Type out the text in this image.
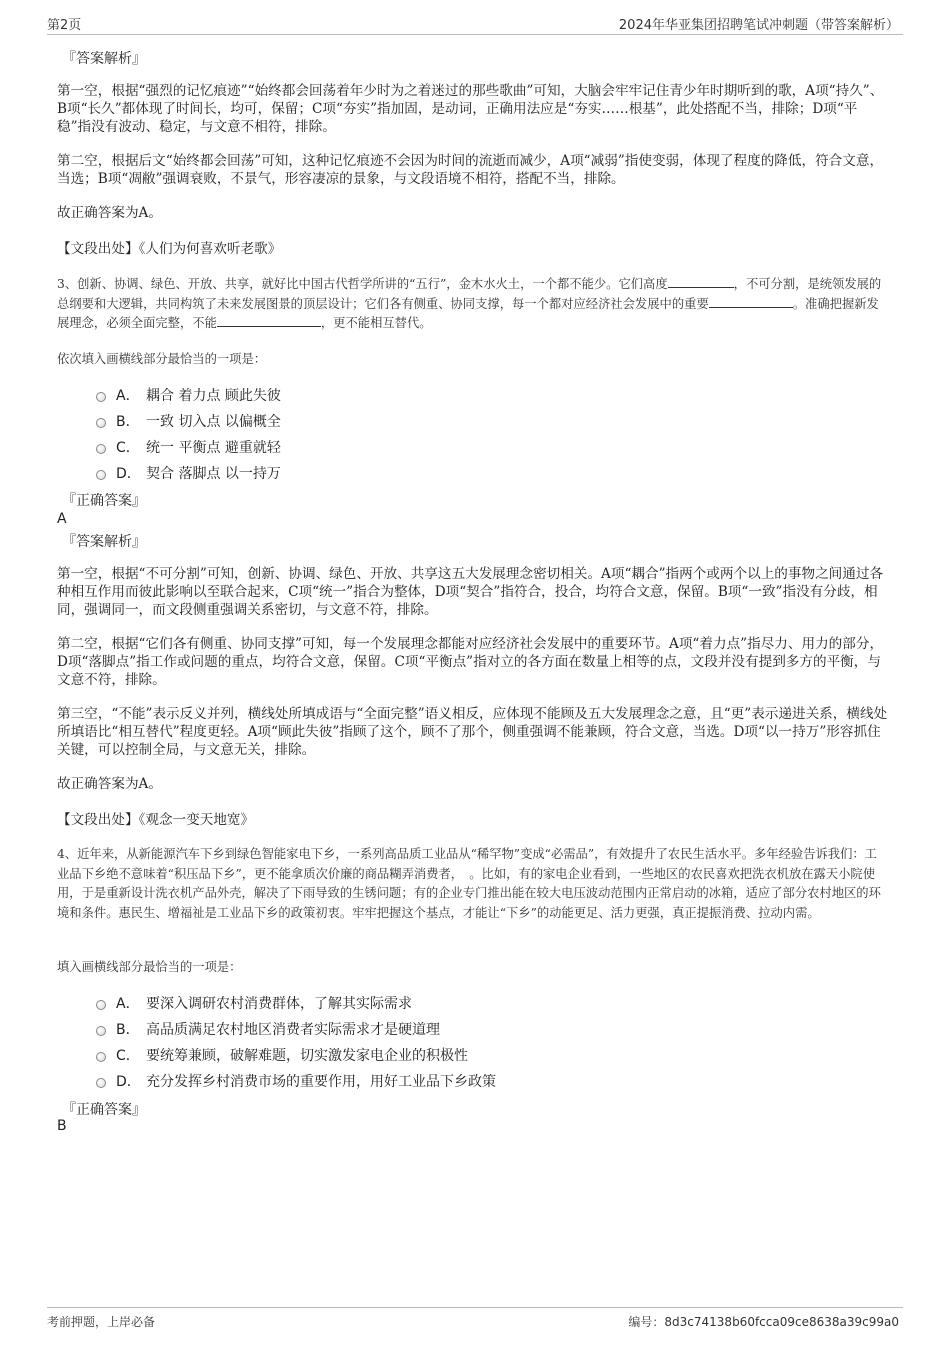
第2页	2024年华亚集团招聘笔试冲刺题（带答案解析）
『答案解析』

第一空，根据“强烈的记忆痕迹”“始终都会回荡着年少时为之着迷过的那些歌曲”可知，大脑会牢牢记住青少年时期听到的歌，A项“持久”、B项“长久”都体现了时间长，均可，保留；C项“夯实”指加固，是动词，正确用法应是“夯实……根基”，此处搭配不当，排除；D项“平稳”指没有波动、稳定，与文意不相符，排除。

第二空，根据后文“始终都会回荡”可知，这种记忆痕迹不会因为时间的流逝而减少，A项“减弱”指使变弱，体现了程度的降低，符合文意，当选；B项“凋敝”强调衰败，不景气，形容凄凉的景象，与文段语境不相符，搭配不当，排除。

故正确答案为A。

【文段出处】《人们为何喜欢听老歌》

3、创新、协调、绿色、开放、共享，就好比中国古代哲学所讲的“五行”，金木水火土，一个都不能少。它们高度	，不可分割，是统领发展的总纲要和大逻辑，共同构筑了未来发展图景的顶层设计；它们各有侧重、协同支撑，每一个都对应经济社会发展中的重要	。准确把握新发展理念，必须全面完整，不能	，更不能相互替代。

依次填入画横线部分最恰当的一项是：

A． 耦合 着力点 顾此失彼
B． 一致 切入点 以偏概全
C． 统一 平衡点 避重就轻
D． 契合 落脚点 以一持万
『正确答案』
A
『答案解析』

第一空，根据“不可分割”可知，创新、协调、绿色、开放、共享这五大发展理念密切相关。A项“耦合”指两个或两个以上的事物之间通过各种相互作用而彼此影响以至联合起来，C项“统一”指合为整体，D项“契合”指符合，投合，均符合文意，保留。B项“一致”指没有分歧，相同，强调同一，而文段侧重强调关系密切，与文意不符，排除。

第二空，根据“它们各有侧重、协同支撑”可知，每一个发展理念都能对应经济社会发展中的重要环节。A项“着力点”指尽力、用力的部分，D项“落脚点”指工作或问题的重点，均符合文意，保留。C项“平衡点”指对立的各方面在数量上相等的点，文段并没有提到多方的平衡，与文意不符，排除。

第三空，“不能”表示反义并列，横线处所填成语与“全面完整”语义相反，应体现不能顾及五大发展理念之意，且“更”表示递进关系，横线处所填语比“相互替代”程度更轻。A项“顾此失彼”指顾了这个，顾不了那个，侧重强调不能兼顾，符合文意，当选。D项“以一持万”形容抓住关键，可以控制全局，与文意无关，排除。

故正确答案为A。

【文段出处】《观念一变天地宽》

4、近年来，从新能源汽车下乡到绿色智能家电下乡，一系列高品质工业品从“稀罕物”变成“必需品”，有效提升了农民生活水平。多年经验告诉我们：工业品下乡绝不意味着“积压品下乡”，更不能拿质次价廉的商品糊弄消费者，　。比如，有的家电企业看到，一些地区的农民喜欢把洗衣机放在露天小院使用，于是重新设计洗衣机产品外壳，解决了下雨导致的生锈问题；有的企业专门推出能在较大电压波动范围内正常启动的冰箱，适应了部分农村地区的环境和条件。惠民生、增福祉是工业品下乡的政策初衷。牢牢把握这个基点，才能让“下乡”的动能更足、活力更强，真正提振消费、拉动内需。

填入画横线部分最恰当的一项是：

A． 要深入调研农村消费群体，了解其实际需求
B． 高品质满足农村地区消费者实际需求才是硬道理
C． 要统筹兼顾，破解难题，切实激发家电企业的积极性
D． 充分发挥乡村消费市场的重要作用，用好工业品下乡政策
『正确答案』
B
考前押题，上岸必备	编号：8d3c74138b60fcca09ce8638a39c99a0
